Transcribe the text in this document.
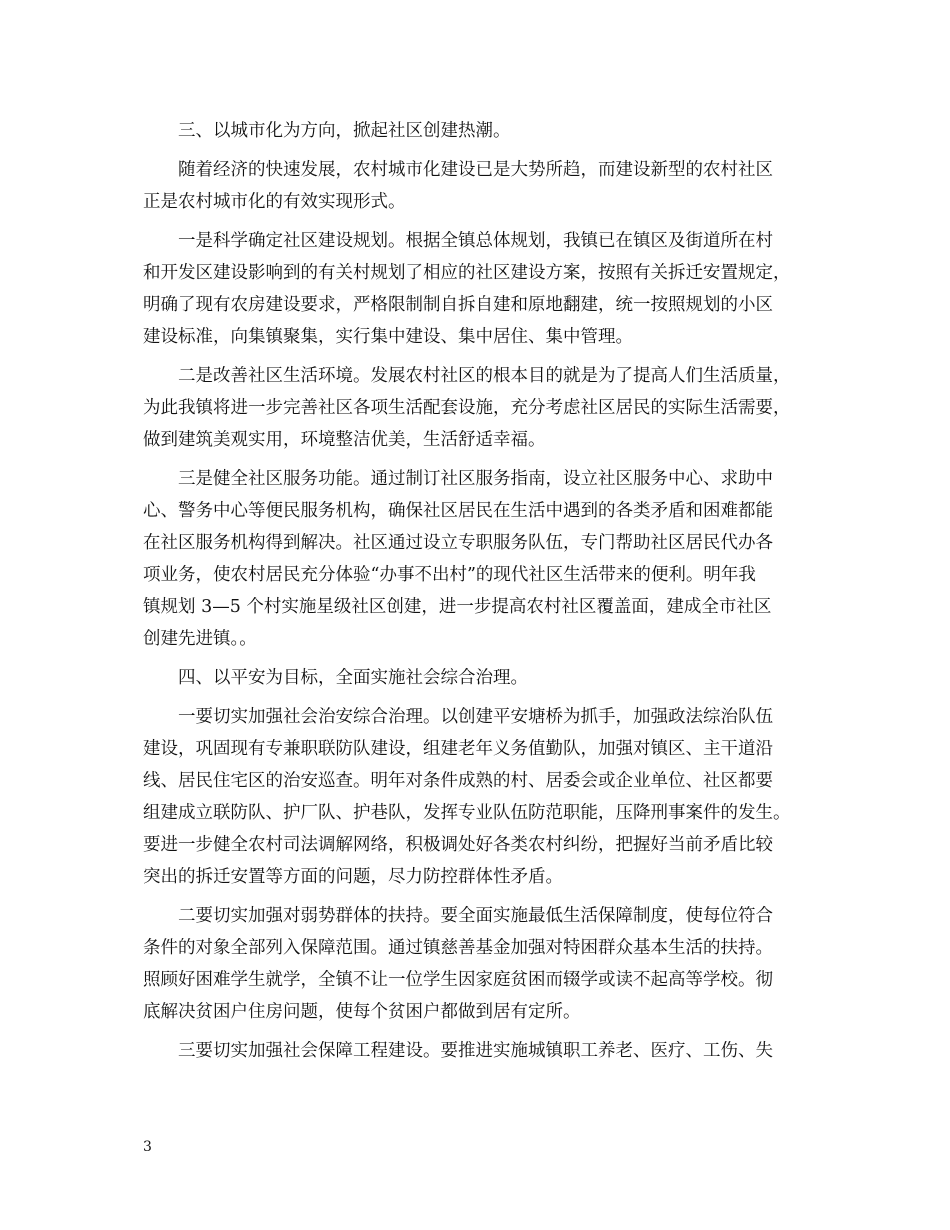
三、以城市化为方向，掀起社区创建热潮。

随着经济的快速发展，农村城市化建设已是大势所趋，而建设新型的农村社区
正是农村城市化的有效实现形式。

一是科学确定社区建设规划。根据全镇总体规划，我镇已在镇区及街道所在村
和开发区建设影响到的有关村规划了相应的社区建设方案，按照有关拆迁安置规定，
明确了现有农房建设要求，严格限制制自拆自建和原地翻建，统一按照规划的小区
建设标准，向集镇聚集，实行集中建设、集中居住、集中管理。

二是改善社区生活环境。发展农村社区的根本目的就是为了提高人们生活质量，
为此我镇将进一步完善社区各项生活配套设施，充分考虑社区居民的实际生活需要，
做到建筑美观实用，环境整洁优美，生活舒适幸福。

三是健全社区服务功能。通过制订社区服务指南，设立社区服务中心、求助中
心、警务中心等便民服务机构，确保社区居民在生活中遇到的各类矛盾和困难都能
在社区服务机构得到解决。社区通过设立专职服务队伍，专门帮助社区居民代办各
项业务，使农村居民充分体验“办事不出村”的现代社区生活带来的便利。明年我
镇规划 3—5 个村实施星级社区创建，进一步提高农村社区覆盖面，建成全市社区
创建先进镇。。

四、以平安为目标，全面实施社会综合治理。

一要切实加强社会治安综合治理。以创建平安塘桥为抓手，加强政法综治队伍
建设，巩固现有专兼职联防队建设，组建老年义务值勤队，加强对镇区、主干道沿
线、居民住宅区的治安巡查。明年对条件成熟的村、居委会或企业单位、社区都要
组建成立联防队、护厂队、护巷队，发挥专业队伍防范职能，压降刑事案件的发生。
要进一步健全农村司法调解网络，积极调处好各类农村纠纷，把握好当前矛盾比较
突出的拆迁安置等方面的问题，尽力防控群体性矛盾。

二要切实加强对弱势群体的扶持。要全面实施最低生活保障制度，使每位符合
条件的对象全部列入保障范围。通过镇慈善基金加强对特困群众基本生活的扶持。
照顾好困难学生就学，全镇不让一位学生因家庭贫困而辍学或读不起高等学校。彻
底解决贫困户住房问题，使每个贫困户都做到居有定所。

三要切实加强社会保障工程建设。要推进实施城镇职工养老、医疗、工伤、失

3
